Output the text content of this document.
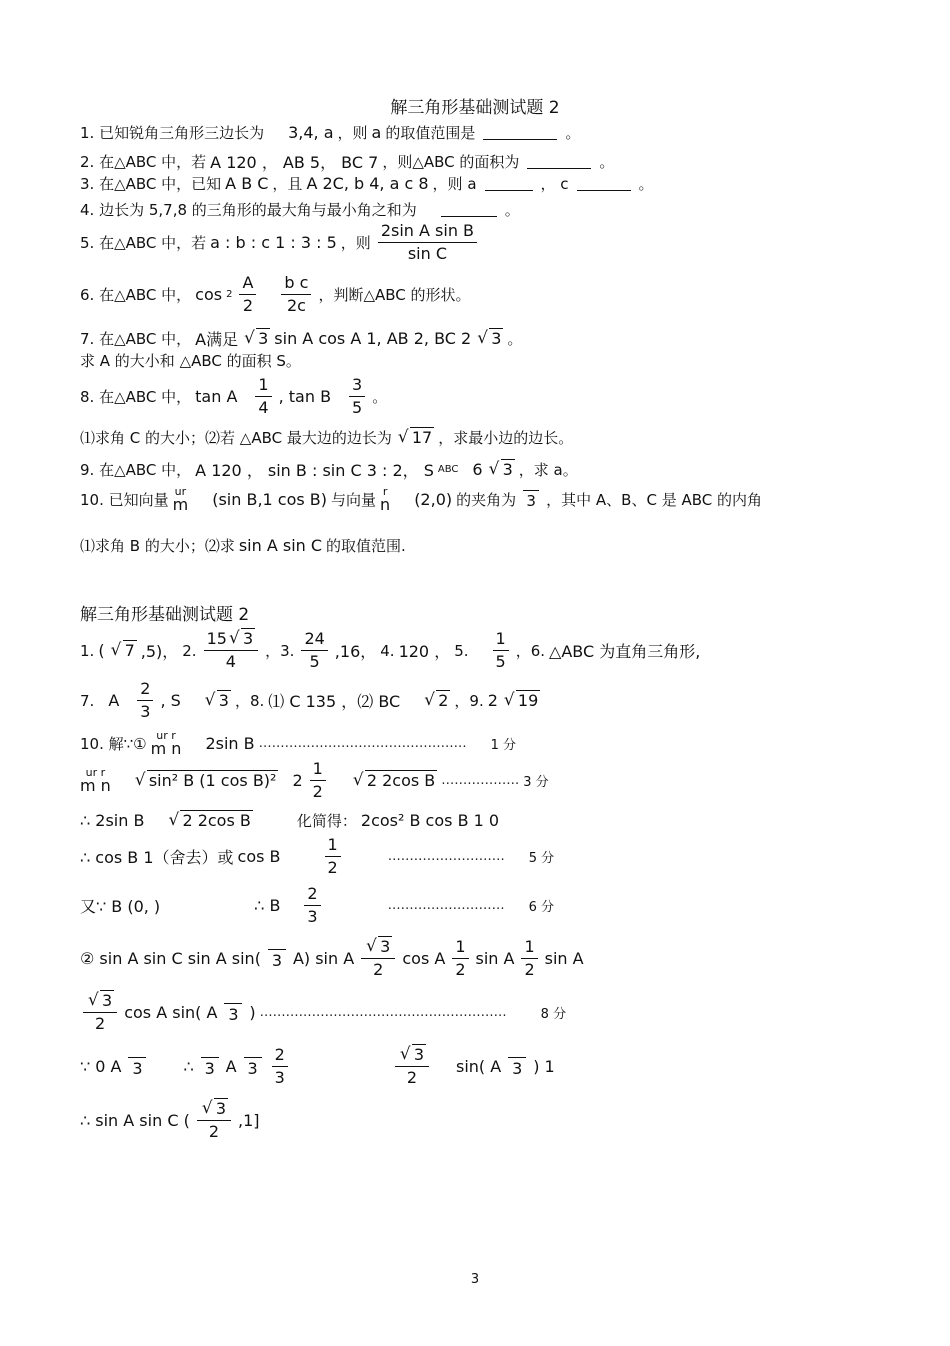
解三角形基础测试题 2
1. 已知锐角三角形三边长为 3,4, a ，则 a 的取值范围是	。
2. 在△ABC 中，若 A 120 ， AB 5， BC 7 ，则△ABC 的面积为	。
3. 在△ABC 中，已知 A B C ，且 A 2C, b 4, a c 8 ，则 a	， c	。
4. 边长为 5,7,8 的三角形的最大角与最小角之和为	。
5. 在△ABC 中，若 a : b : c 1 : 3 : 5 ，则 $\frac{\text{2sin A sin B}}{\text{sin C}}$
6. 在△ABC 中， $\cos 2 \frac{A}{2} \frac{\text{b c}}{2c}$ ，判断△ABC 的形状。
7. 在△ABC 中， A满足	√ 3 sin A cos A 1, AB 2, BC 2	√ 3 。
求 A 的大小和 △ABC 的面积 S。
8. 在△ABC 中， tan A $\frac{1}{4}$ , tan B $\frac{3}{5}$ 。
⑴求角 C 的大小；⑵若 △ABC 最大边的边长为	√ 17 ，求最小边的边长。
9. 在△ABC 中， A 120 ， sin B : sin C 3 : 2， S ABC 6	√ 3 ，求 a。
10. 已知向量 ur
m (sin B,1 cos B) 与向量 r
n (2,0) 的夹角为 3 ，其中 A、B、C 是 ABC 的内角
⑴求角 B 的大小；⑵求 sin A sin C 的取值范围.
解三角形基础测试题 2
1. (	√ 7 ,5)， 2. $\frac{15 √ 3}{4}$ ，3. $\frac{24}{5} ,16$， 4. 120 ， 5. $\frac{1}{5}$ ，6. △ABC 为直角三角形,
7. A $\frac{2}{3}$ , S	√ 3 ，8. ⑴ C 135 ，⑵ BC	√ 2 ，9. 2	√ 19
10. 解∵① ur r
m n 2sin B ………………………………………… 1 分
ur r
m n	√ sin² B (1 cos B)² $2 \frac{1}{2}$	√ 2 2cos B ……………… 3 分
∴ 2sin B	√ 2 2cos B	化简得： 2cos² B cos B 1 0
∴ cos B 1（舍去）或 cos B	$\frac{1}{2}$	……………………… 5 分
又∵ B (0, )	∴ B $\frac{2}{3}$	……………………… 6 分
② sin A sin C sin A sin( 3 A) sin A √ $\frac{3}{2}$ cos A $\frac{1}{2}$ sin A $\frac{1}{2}$ sin A
√ $\frac{3}{2}$ cos A sin( A 3 ) …………………………………………………	8 分
∵ 0 A 3	∴ 3 A $3 \frac{2}{3}$	√ $\frac{3}{2} \sin$( A 3 ) 1
∴ sin A sin C ( √ $\frac{3}{2} ,1$]
3
